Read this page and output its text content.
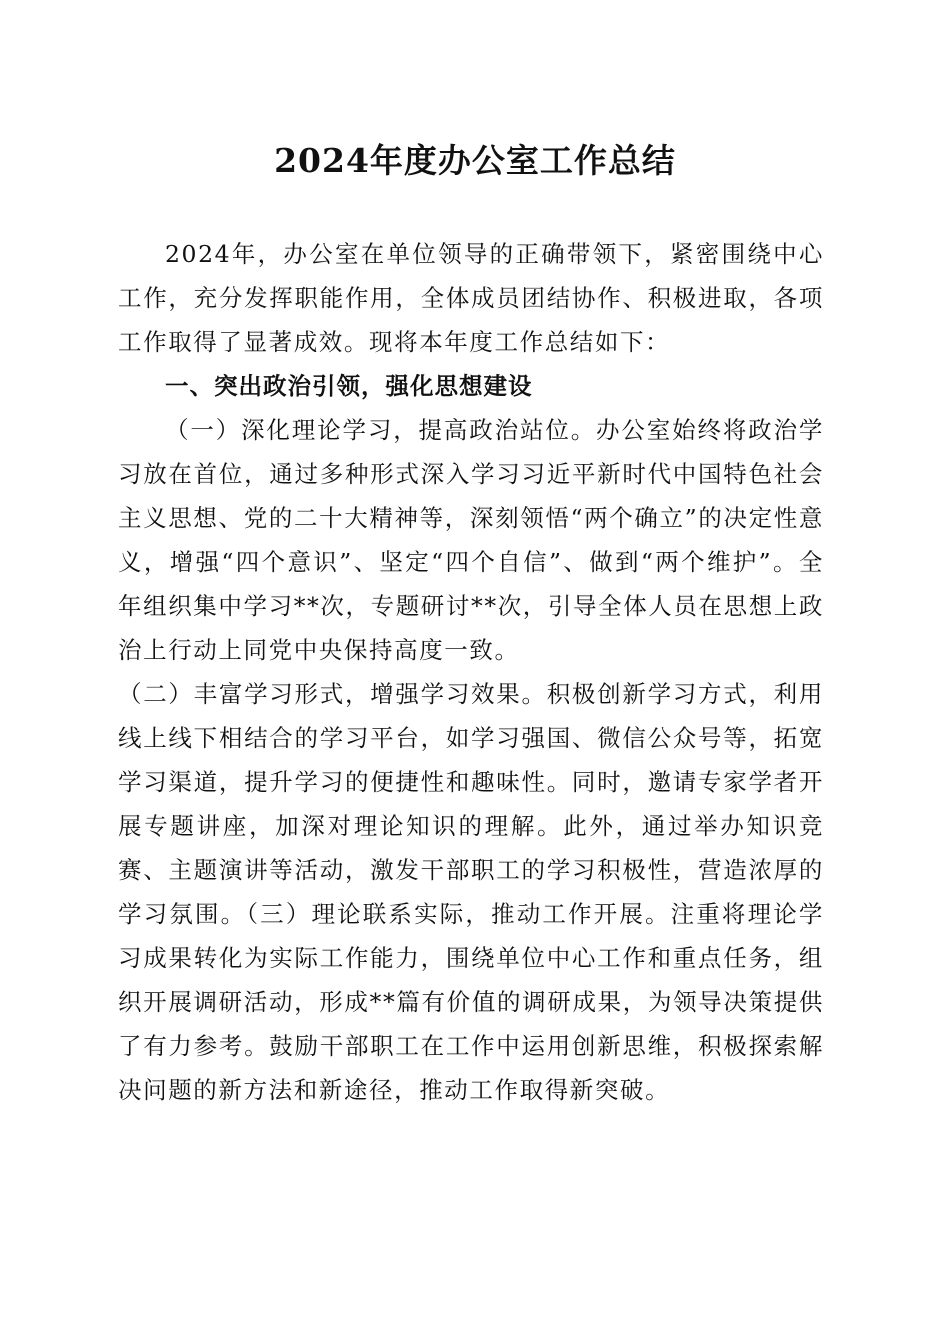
2024年度办公室工作总结

2024年，办公室在单位领导的正确带领下，紧密围绕中心工作，充分发挥职能作用，全体成员团结协作、积极进取，各项工作取得了显著成效。现将本年度工作总结如下：

一、突出政治引领，强化思想建设

（一）深化理论学习，提高政治站位。办公室始终将政治学习放在首位，通过多种形式深入学习习近平新时代中国特色社会主义思想、党的二十大精神等，深刻领悟“两个确立”的决定性意义，增强“四个意识”、坚定“四个自信”、做到“两个维护”。全年组织集中学习**次，专题研讨**次，引导全体人员在思想上政治上行动上同党中央保持高度一致。

（二）丰富学习形式，增强学习效果。积极创新学习方式，利用线上线下相结合的学习平台，如学习强国、微信公众号等，拓宽学习渠道，提升学习的便捷性和趣味性。同时，邀请专家学者开展专题讲座，加深对理论知识的理解。此外，通过举办知识竞赛、主题演讲等活动，激发干部职工的学习积极性，营造浓厚的学习氛围。（三）理论联系实际，推动工作开展。注重将理论学习成果转化为实际工作能力，围绕单位中心工作和重点任务，组织开展调研活动，形成**篇有价值的调研成果，为领导决策提供了有力参考。鼓励干部职工在工作中运用创新思维，积极探索解决问题的新方法和新途径，推动工作取得新突破。
